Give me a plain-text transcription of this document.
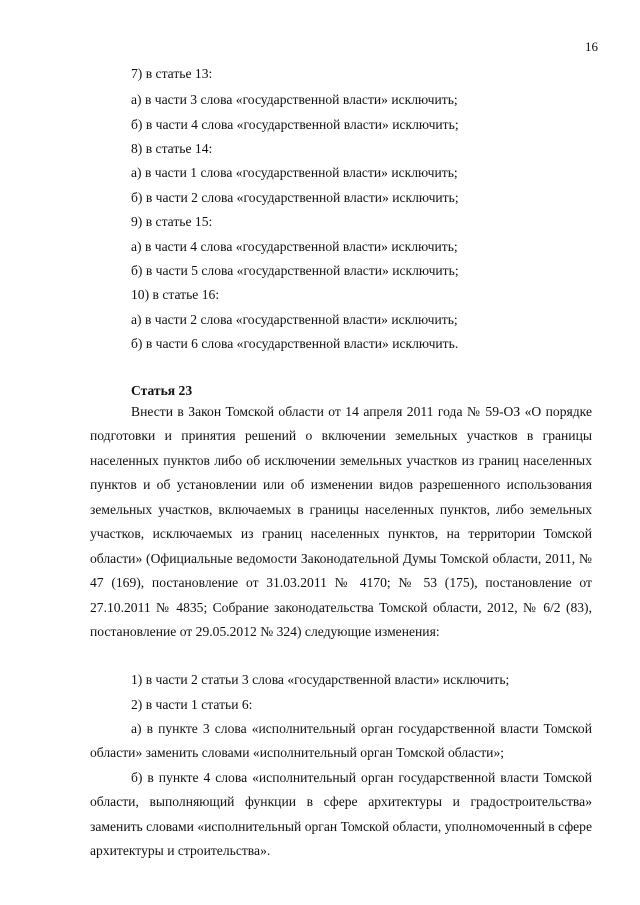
16
7) в статье 13:
а) в части 3 слова «государственной власти» исключить;
б) в части 4 слова «государственной власти» исключить;
8) в статье 14:
а) в части 1 слова «государственной власти» исключить;
б) в части 2 слова «государственной власти» исключить;
9) в статье 15:
а) в части 4 слова «государственной власти» исключить;
б) в части 5 слова «государственной власти» исключить;
10) в статье 16:
а) в части 2 слова «государственной власти» исключить;
б) в части 6 слова «государственной власти» исключить.
Статья 23
Внести в Закон Томской области от 14 апреля 2011 года № 59-ОЗ «О порядке подготовки и принятия решений о включении земельных участков в границы населенных пунктов либо об исключении земельных участков из границ населенных пунктов и об установлении или об изменении видов разрешенного использования земельных участков, включаемых в границы населенных пунктов, либо земельных участков, исключаемых из границ населенных пунктов, на территории Томской области» (Официальные ведомости Законодательной Думы Томской области, 2011, № 47 (169), постановление от 31.03.2011 № 4170; № 53 (175), постановление от 27.10.2011 № 4835; Собрание законодательства Томской области, 2012, № 6/2 (83), постановление от 29.05.2012 № 324) следующие изменения:
1) в части 2 статьи 3 слова «государственной власти» исключить;
2) в части 1 статьи 6:
а) в пункте 3 слова «исполнительный орган государственной власти Томской области» заменить словами «исполнительный орган Томской области»;
б) в пункте 4 слова «исполнительный орган государственной власти Томской области, выполняющий функции в сфере архитектуры и градостроительства» заменить словами «исполнительный орган Томской области, уполномоченный в сфере архитектуры и строительства».
